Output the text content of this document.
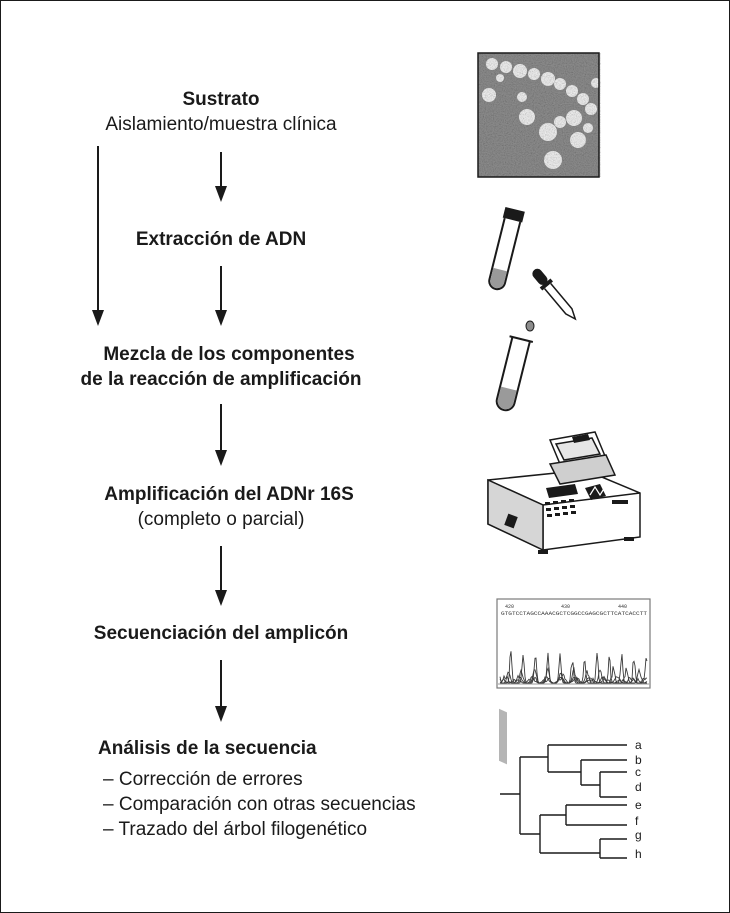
Sustrato
Aislamiento/muestra clínica
Extracción de ADN
Mezcla de los componentes
de la reacción de amplificación
Amplificación del ADNr 16S
(completo o parcial)
Secuenciación del amplicón
Análisis de la secuencia
– Corrección de errores
– Comparación con otras secuencias
– Trazado del árbol filogenético
420	430	440
GTGTCCTAGCCAAACGCTCGGCCGAGCGCTTCATCACCTT
a
b
c
d
e
f
g
h
